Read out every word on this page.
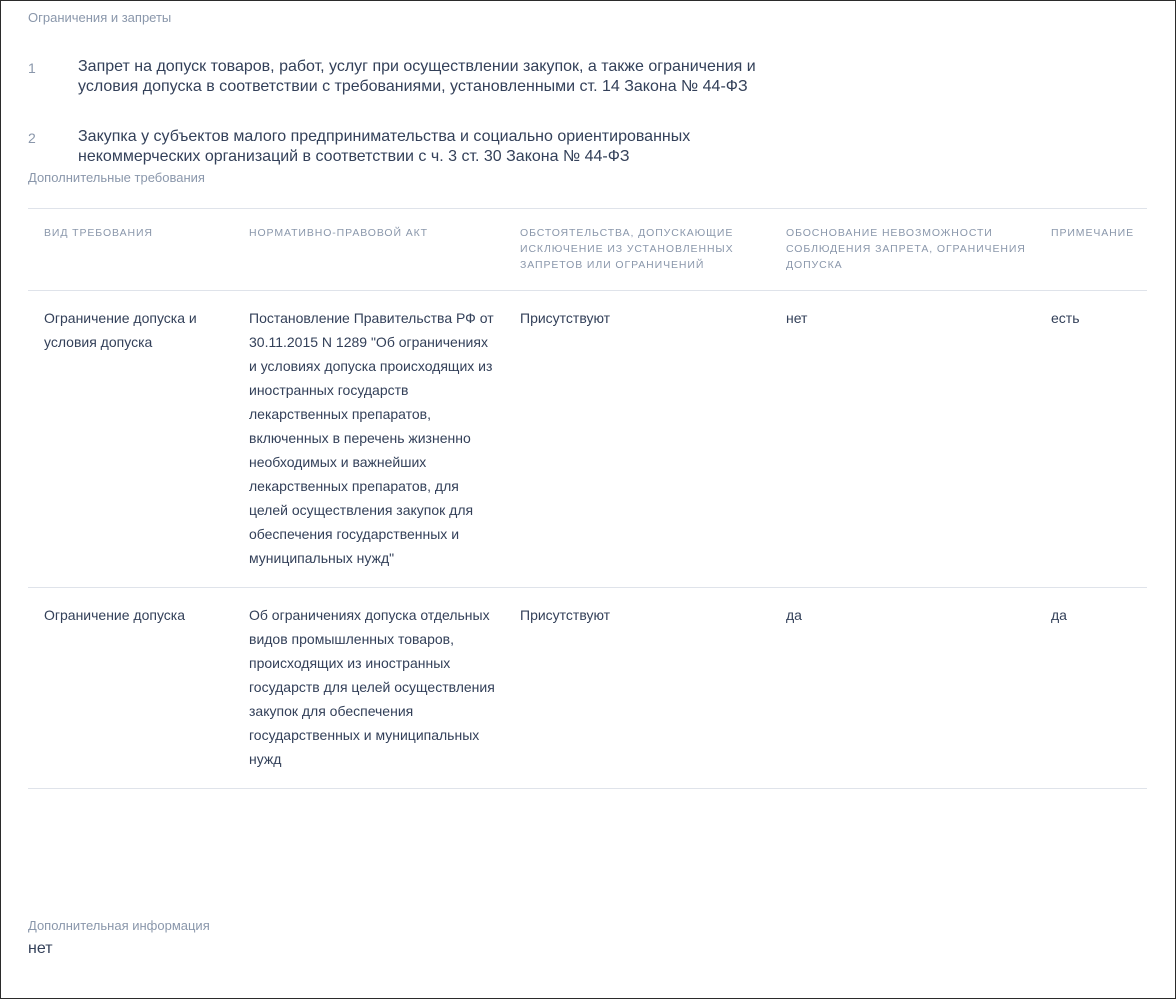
Ограничения и запреты
1	Запрет на допуск товаров, работ, услуг при осуществлении закупок, а также ограничения и условия допуска в соответствии с требованиями, установленными ст. 14 Закона № 44-ФЗ
2	Закупка у субъектов малого предпринимательства и социально ориентированных некоммерческих организаций в соответствии с ч. 3 ст. 30 Закона № 44-ФЗ
Дополнительные требования
ВИД ТРЕБОВАНИЯ	НОРМАТИВНО-ПРАВОВОЙ АКТ	ОБСТОЯТЕЛЬСТВА, ДОПУСКАЮЩИЕ ИСКЛЮЧЕНИЕ ИЗ УСТАНОВЛЕННЫХ ЗАПРЕТОВ ИЛИ ОГРАНИЧЕНИЙ	ОБОСНОВАНИЕ НЕВОЗМОЖНОСТИ СОБЛЮДЕНИЯ ЗАПРЕТА, ОГРАНИЧЕНИЯ ДОПУСКА	ПРИМЕЧАНИЕ
Ограничение допуска и условия допуска	Постановление Правительства РФ от 30.11.2015 N 1289 "Об ограничениях и условиях допуска происходящих из иностранных государств лекарственных препаратов, включенных в перечень жизненно необходимых и важнейших лекарственных препаратов, для целей осуществления закупок для обеспечения государственных и муниципальных нужд"	Присутствуют	нет	есть
Ограничение допуска	Об ограничениях допуска отдельных видов промышленных товаров, происходящих из иностранных государств для целей осуществления закупок для обеспечения государственных и муниципальных нужд	Присутствуют	да	да
Дополнительная информация
нет
